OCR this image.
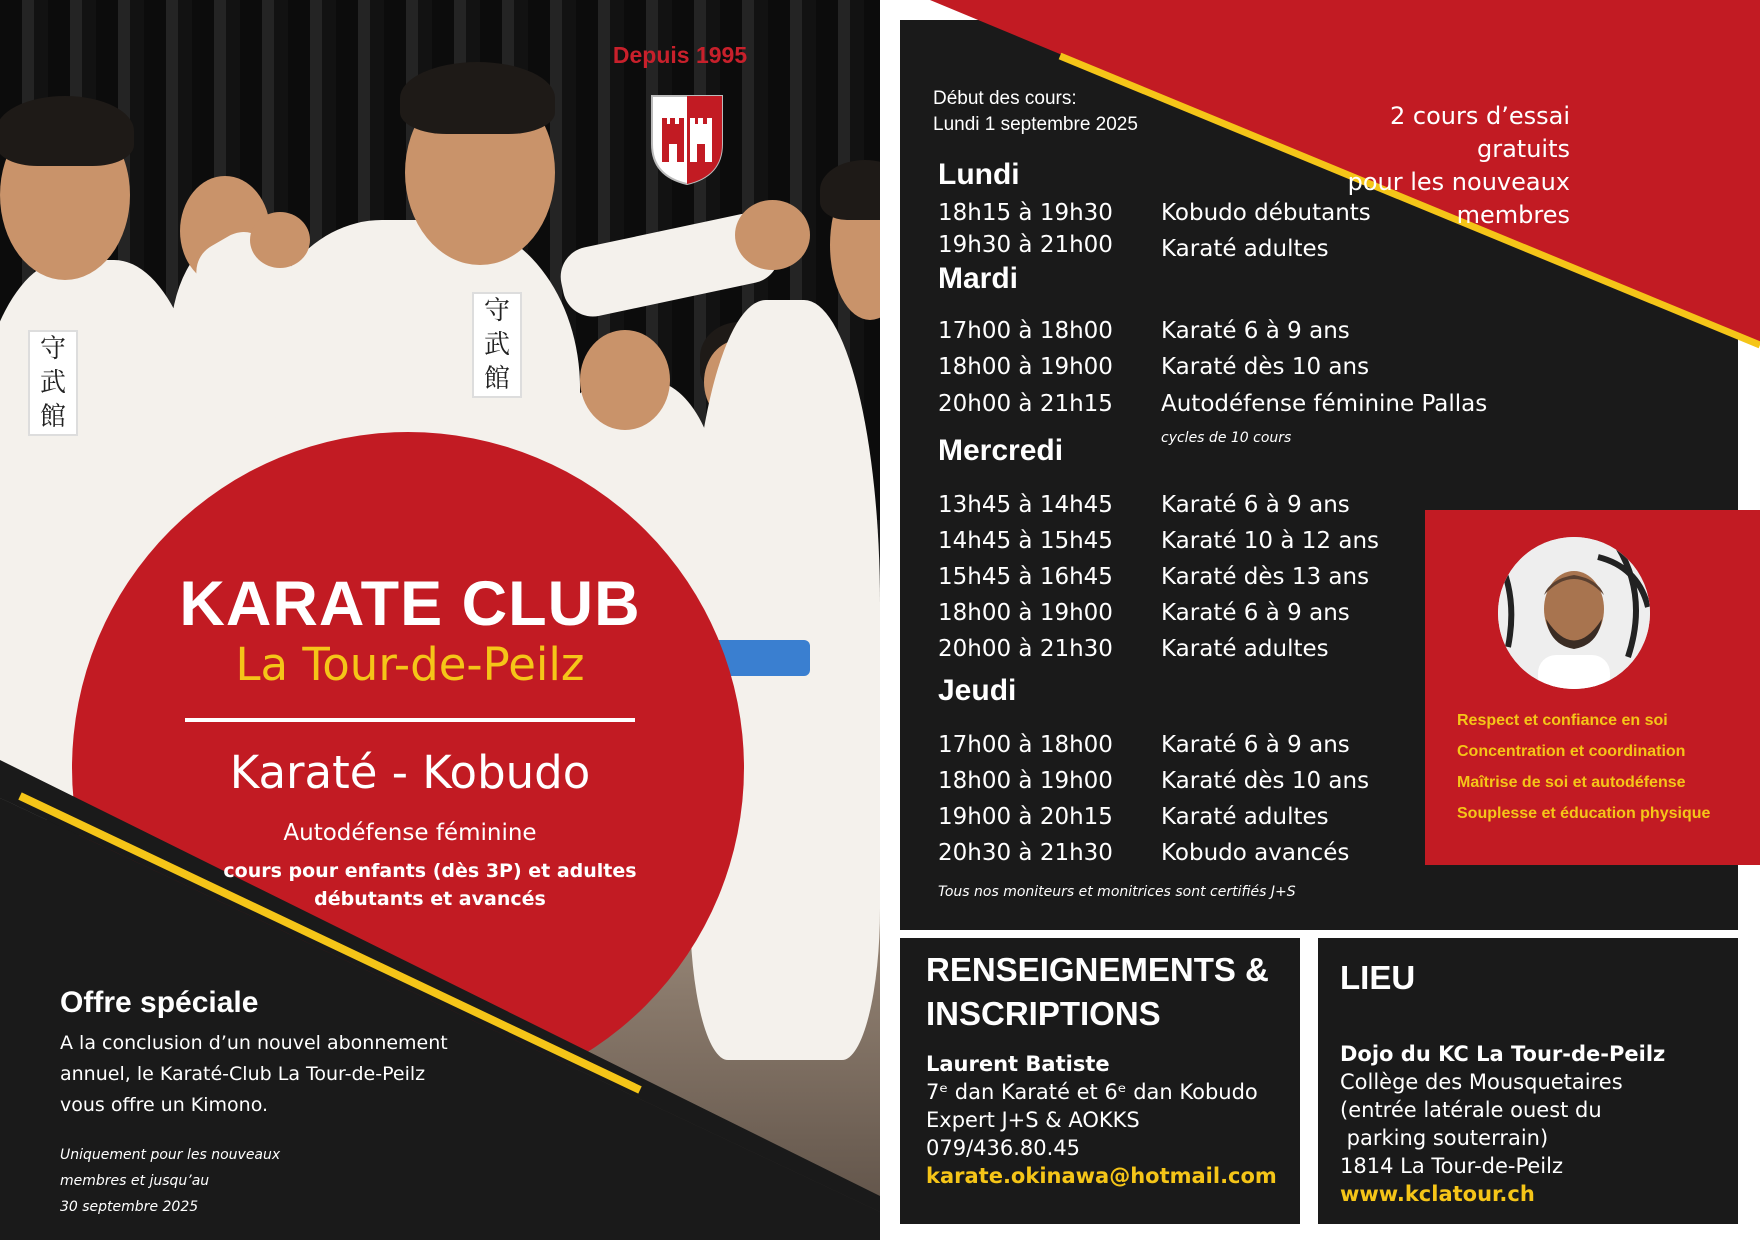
守武館
守武館
Depuis 1995
KARATE CLUB
La Tour-de-Peilz
Karaté - Kobudo
Autodéfense féminine
cours pour enfants (dès 3P) et adultes
débutants et avancés
Offre spéciale
A la conclusion d’un nouvel abonnement
annuel, le Karaté-Club La Tour-de-Peilz
vous offre un Kimono.
Uniquement pour les nouveaux
membres et jusqu’au
30 septembre 2025
Début des cours:
Lundi 1 septembre 2025	2 cours d’essai gratuits
pour les nouveaux
membres
Lundi
18h15 à 19h30 Kobudo débutants
19h30 à 21h00 Karaté adultes
Mardi
17h00 à 18h00 Karaté 6 à 9 ans
18h00 à 19h00 Karaté dès 10 ans
20h00 à 21h15 Autodéfense féminine Pallas
cycles de 10 cours
Mercredi
13h45 à 14h45 Karaté 6 à 9 ans
14h45 à 15h45 Karaté 10 à 12 ans
15h45 à 16h45 Karaté dès 13 ans
18h00 à 19h00 Karaté 6 à 9 ans
20h00 à 21h30 Karaté adultes
Jeudi
17h00 à 18h00 Karaté 6 à 9 ans
18h00 à 19h00 Karaté dès 10 ans
19h00 à 20h15 Karaté adultes
20h30 à 21h30 Kobudo avancés
Tous nos moniteurs et monitrices sont certifiés J+S
Respect et confiance en soi
Concentration et coordination
Maîtrise de soi et autodéfense
Souplesse et éducation physique
RENSEIGNEMENTS &
INSCRIPTIONS
Laurent Batiste
7ᵉ dan Karaté et 6ᵉ dan Kobudo
Expert J+S & AOKKS
079/436.80.45
karate.okinawa@hotmail.com
LIEU
Dojo du KC La Tour-de-Peilz
Collège des Mousquetaires
(entrée latérale ouest du
parking souterrain)
1814 La Tour-de-Peilz
www.kclatour.ch
